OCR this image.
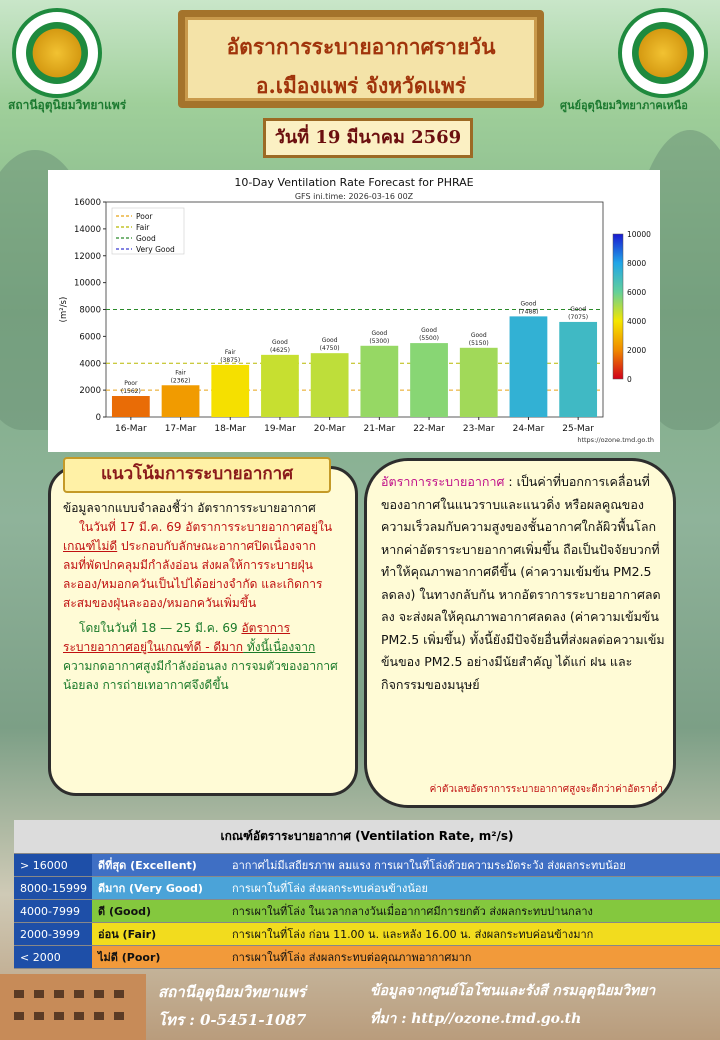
สถานีอุตุนิยมวิทยาแพร่	ศูนย์อุตุนิยมวิทยาภาคเหนือ
อัตราการระบายอากาศรายวัน
อ.เมืองแพร่ จังหวัดแพร่
วันที่ 19 มีนาคม 2569
10-Day Ventilation Rate Forecast for PHRAE
GFS ini.time: 2026-03-16 00Z
0
2000
4000
6000
8000
10000
12000
14000
16000
(m²/s)
Poor
Fair
Good
Very Good
Poor
(1562)
16-Mar
Fair
(2362)
17-Mar
Fair
(3875)
18-Mar
Good
(4625)
19-Mar
Good
(4750)
20-Mar
Good
(5300)
21-Mar
Good
(5500)
22-Mar
Good
(5150)
23-Mar
Good
(7488)
24-Mar
Good
(7075)
25-Mar
0
2000
4000
6000
8000
10000
https://ozone.tmd.go.th
แนวโน้มการระบายอากาศ
ข้อมูลจากแบบจำลองชี้ว่า อัตราการระบายอากาศ
ในวันที่ 17 มี.ค. 69 อัตราการระบายอากาศอยู่ใน
เกณฑ์ไม่ดี ประกอบกับลักษณะอากาศปิดเนื่องจาก
ลมที่พัดปกคลุมมีกำลังอ่อน ส่งผลให้การระบายฝุ่น
ละออง/หมอกควันเป็นไปได้อย่างจำกัด และเกิดการ
สะสมของฝุ่นละออง/หมอกควันเพิ่มขึ้น
โดยในวันที่ 18 — 25 มี.ค. 69 อัตราการ
ระบายอากาศอยู่ในเกณฑ์ดี - ดีมาก ทั้งนี้เนื่องจาก
ความกดอากาศสูงมีกำลังอ่อนลง การจมตัวของอากาศ
น้อยลง การถ่ายเทอากาศจึงดีขึ้น
อัตราการระบายอากาศ : เป็นค่าที่บอกการเคลื่อนที่ของอากาศในแนวราบและแนวดิ่ง หรือผลคูณของความเร็วลมกับความสูงของชั้นอากาศใกล้ผิวพื้นโลก
หากค่าอัตราระบายอากาศเพิ่มขึ้น ถือเป็นปัจจัยบวกที่ทำให้คุณภาพอากาศดีขึ้น (ค่าความเข้มข้น PM2.5 ลดลง) ในทางกลับกัน หากอัตราการระบายอากาศลดลง จะส่งผลให้คุณภาพอากาศลดลง (ค่าความเข้มข้น PM2.5 เพิ่มขึ้น) ทั้งนี้ยังมีปัจจัยอื่นที่ส่งผลต่อความเข้มข้นของ PM2.5 อย่างมีนัยสำคัญ ได้แก่ ฝน และกิจกรรมของมนุษย์
ค่าตัวเลขอัตราการระบายอากาศสูงจะดีกว่าค่าอัตราต่ำ
เกณฑ์อัตราระบายอากาศ (Ventilation Rate, m²/s)
> 16000	ดีที่สุด (Excellent)	อากาศไม่มีเสถียรภาพ ลมแรง การเผาในที่โล่งด้วยความระมัดระวัง ส่งผลกระทบน้อย
8000-15999	ดีมาก (Very Good)	การเผาในที่โล่ง ส่งผลกระทบค่อนข้างน้อย
4000-7999	ดี (Good)	การเผาในที่โล่ง ในเวลากลางวันเมื่ออากาศมีการยกตัว ส่งผลกระทบปานกลาง
2000-3999	อ่อน (Fair)	การเผาในที่โล่ง ก่อน 11.00 น. และหลัง 16.00 น. ส่งผลกระทบค่อนข้างมาก
< 2000	ไม่ดี (Poor)	การเผาในที่โล่ง ส่งผลกระทบต่อคุณภาพอากาศมาก
สถานีอุตุนิยมวิทยาแพร่
โทร : 0-5451-1087
ข้อมูลจากศูนย์โอโซนและรังสี กรมอุตุนิยมวิทยา
ที่มา : http//ozone.tmd.go.th
